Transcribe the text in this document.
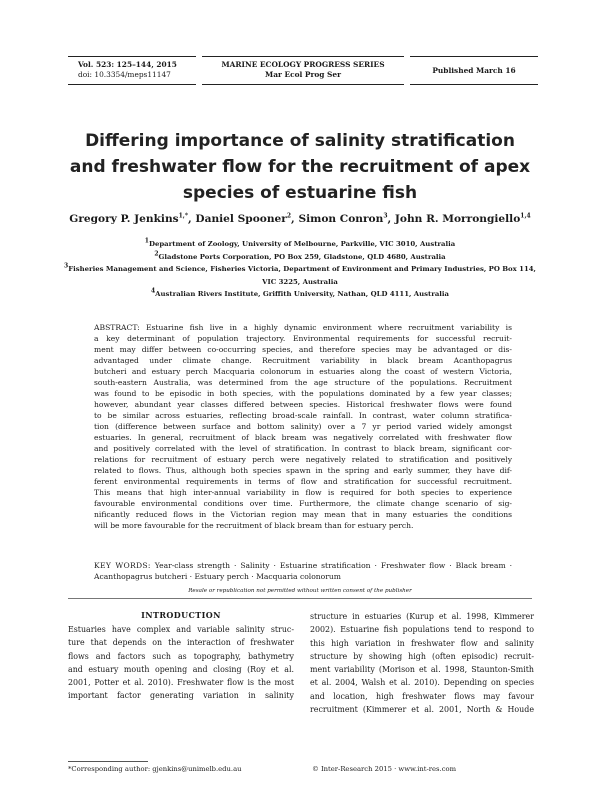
Vol. 523: 125–144, 2015
doi: 10.3354/meps11147
MARINE ECOLOGY PROGRESS SERIES
Mar Ecol Prog Ser	Published March 16
Differing importance of salinity stratification
and freshwater flow for the recruitment of apex
species of estuarine fish
Gregory P. Jenkins$^{1,*}$, Daniel Spooner$^2$, Simon Conron$^3$, John R. Morrongiello$^{1,4}$
$^1$Department of Zoology, University of Melbourne, Parkville, VIC 3010, Australia
$^2$Gladstone Ports Corporation, PO Box 259, Gladstone, QLD 4680, Australia
$^3$Fisheries Management and Science, Fisheries Victoria, Department of Environment and Primary Industries, PO Box 114,
VIC 3225, Australia
$^4$Australian Rivers Institute, Griffith University, Nathan, QLD 4111, Australia
ABSTRACT: Estuarine fish live in a highly dynamic environment where recruitment variability is
a key determinant of population trajectory. Environmental requirements for successful recruit-
ment may differ between co-occurring species, and therefore species may be advantaged or dis-
advantaged under climate change. Recruitment variability in black bream Acanthopagrus
butcheri and estuary perch Macquaria colonorum in estuaries along the coast of western Victoria,
south-eastern Australia, was determined from the age structure of the populations. Recruitment
was found to be episodic in both species, with the populations dominated by a few year classes;
however, abundant year classes differed between species. Historical freshwater flows were found
to be similar across estuaries, reflecting broad-scale rainfall. In contrast, water column stratifica-
tion (difference between surface and bottom salinity) over a 7 yr period varied widely amongst
estuaries. In general, recruitment of black bream was negatively correlated with freshwater flow
and positively correlated with the level of stratification. In contrast to black bream, significant cor-
relations for recruitment of estuary perch were negatively related to stratification and positively
related to flows. Thus, although both species spawn in the spring and early summer, they have dif-
ferent environmental requirements in terms of flow and stratification for successful recruitment.
This means that high inter-annual variability in flow is required for both species to experience
favourable environmental conditions over time. Furthermore, the climate change scenario of sig-
nificantly reduced flows in the Victorian region may mean that in many estuaries the conditions
will be more favourable for the recruitment of black bream than for estuary perch.
KEY WORDS: Year-class strength · Salinity · Estuarine stratification · Freshwater flow · Black bream · Acanthopagrus butcheri · Estuary perch · Macquaria colonorum
Resale or republication not permitted without written consent of the publisher
INTRODUCTION
Estuaries have complex and variable salinity struc-
ture that depends on the interaction of freshwater
flows and factors such as topography, bathymetry
and estuary mouth opening and closing (Roy et al.
2001, Potter et al. 2010). Freshwater flow is the most
important factor generating variation in salinity
structure in estuaries (Kurup et al. 1998, Kimmerer
2002). Estuarine fish populations tend to respond to
this high variation in freshwater flow and salinity
structure by showing high (often episodic) recruit-
ment variability (Morison et al. 1998, Staunton-Smith
et al. 2004, Walsh et al. 2010). Depending on species
and location, high freshwater flows may favour
recruitment (Kimmerer et al. 2001, North & Houde
*Corresponding author: gjenkins@unimelb.edu.au	© Inter-Research 2015 · www.int-res.com
